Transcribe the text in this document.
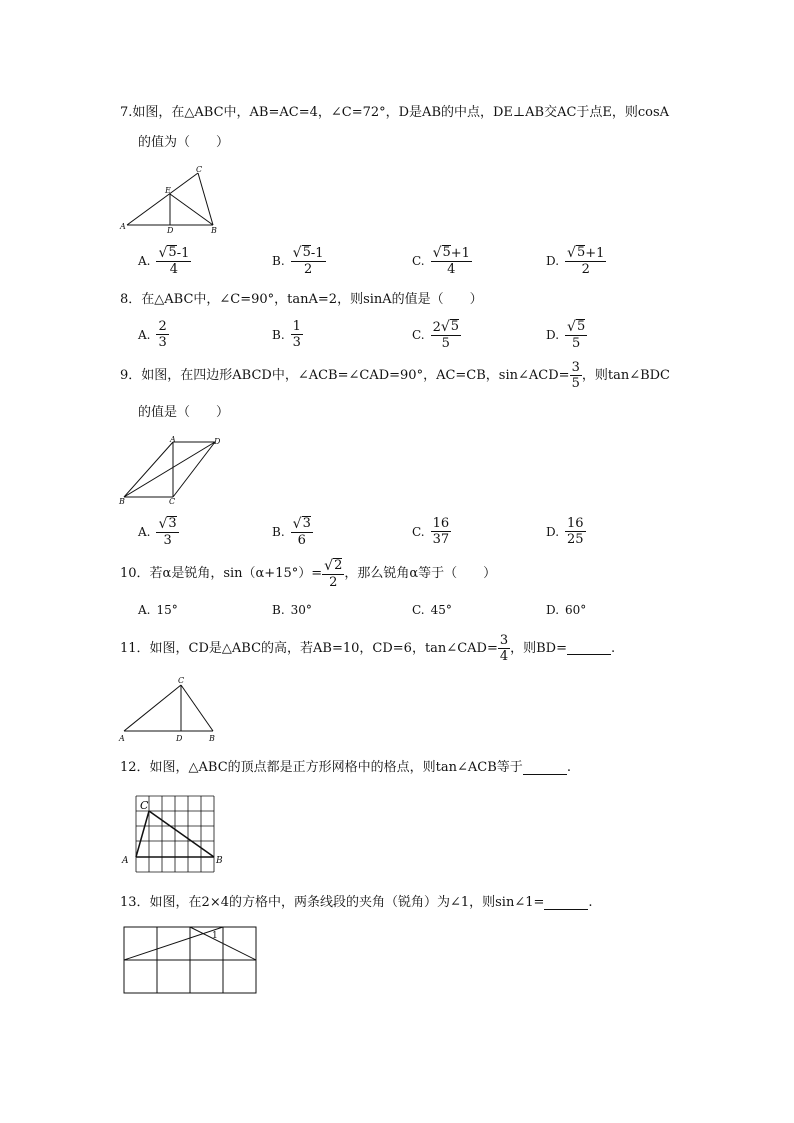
7.如图，在△ABC中，AB=AC=4，∠C=72°，D是AB的中点，DE⊥AB交AC于点E，则cosA
的值为（　　）
A	B
C
D
E
A. $\frac{√ 5 -1}{4}$	B. $\frac{√ 5 -1}{2}$	C. $\frac{√ 5 +1}{4}$	D. $\frac{√ 5 +1}{2}$
8．在△ABC中，∠C=90°，tanA=2，则sinA的值是（　　）
A. $\frac{2}{3}$	B. $\frac{1}{3}$	C. $\frac{2 √ 5}{5}$	D. $\frac{√ 5}{5}$
9．如图，在四边形ABCD中，∠ACB=∠CAD=90°，AC=CB，sin∠ACD= $\frac{3}{5}$ ，则tan∠BDC
的值是（　　）
A	D
B	C
A. $\frac{√ 3}{3}$	B. $\frac{√ 3}{6}$	C. $\frac{16}{37}$	D. $\frac{16}{25}$
10．若α是锐角，$\sin(\alpha+15^\circ)= \frac{√ 2}{2}$ ，那么锐角α等于（　　）
A. 15°	B. 30°	C. 45°	D. 60°
11．如图，CD是△ABC的高，若AB=10，CD=6，tan∠CAD= $\frac{3}{4}$ ，则BD=	.
C
A	D	B
12．如图，△ABC的顶点都是正方形网格中的格点，则tan∠ACB等于	.
C
A	B
13．如图，在2×4的方格中，两条线段的夹角（锐角）为∠1，则sin∠1=	.
1
